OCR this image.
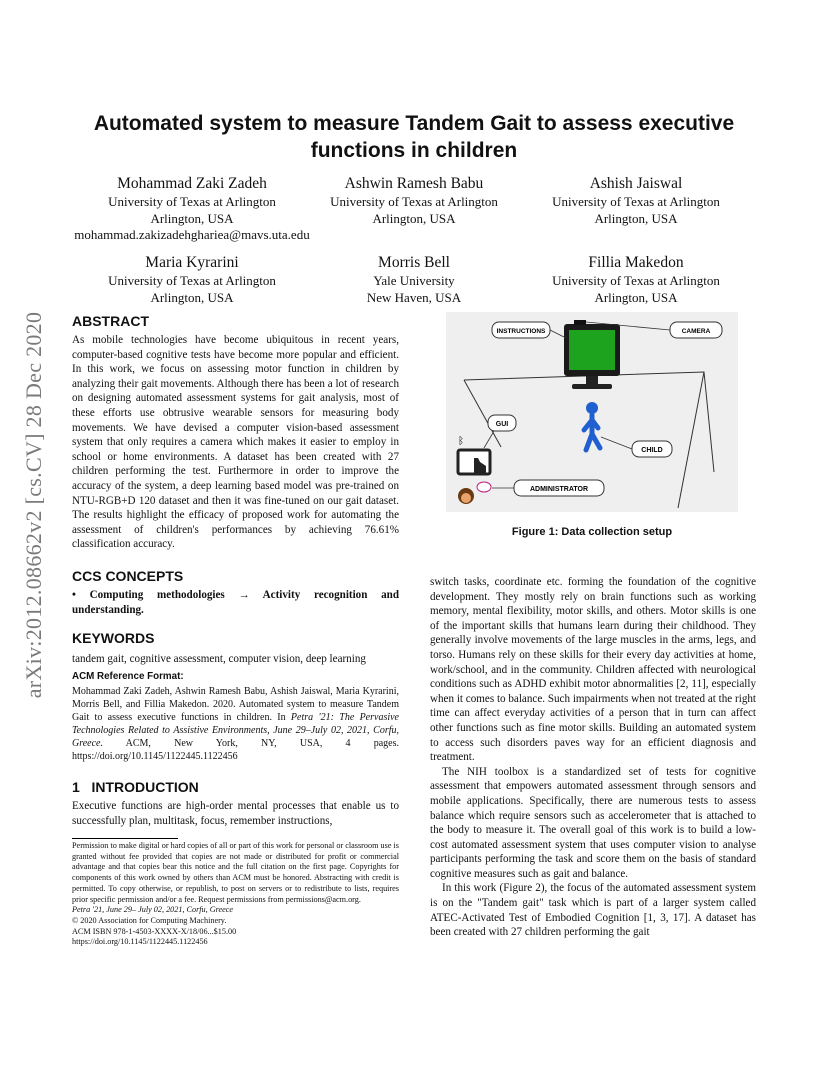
arXiv:2012.08662v2 [cs.CV] 28 Dec 2020
Automated system to measure Tandem Gait to assess executive functions in children
Mohammad Zaki Zadeh
University of Texas at Arlington
Arlington, USA
mohammad.zakizadehghariea@mavs.uta.edu
Ashwin Ramesh Babu
University of Texas at Arlington
Arlington, USA
Ashish Jaiswal
University of Texas at Arlington
Arlington, USA
Maria Kyrarini
University of Texas at Arlington
Arlington, USA
Morris Bell
Yale University
New Haven, USA
Fillia Makedon
University of Texas at Arlington
Arlington, USA
ABSTRACT
As mobile technologies have become ubiquitous in recent years, computer-based cognitive tests have become more popular and efficient. In this work, we focus on assessing motor function in children by analyzing their gait movements. Although there has been a lot of research on designing automated assessment systems for gait analysis, most of these efforts use obtrusive wearable sensors for measuring body movements. We have devised a computer vision-based assessment system that only requires a camera which makes it easier to employ in school or home environments. A dataset has been created with 27 children performing the test. Furthermore in order to improve the accuracy of the system, a deep learning based model was pre-trained on NTU-RGB+D 120 dataset and then it was fine-tuned on our gait dataset. The results highlight the efficacy of proposed work for automating the assessment of children's performances by achieving 76.61% classification accuracy.
CCS CONCEPTS
• Computing methodologies → Activity recognition and understanding.
KEYWORDS
tandem gait, cognitive assessment, computer vision, deep learning
ACM Reference Format:
Mohammad Zaki Zadeh, Ashwin Ramesh Babu, Ashish Jaiswal, Maria Kyrarini, Morris Bell, and Fillia Makedon. 2020. Automated system to measure Tandem Gait to assess executive functions in children. In Petra '21: The Pervasive Technologies Related to Assistive Environments, June 29–July 02, 2021, Corfu, Greece. ACM, New York, NY, USA, 4 pages. https://doi.org/10.1145/1122445.1122456
1 INTRODUCTION
Executive functions are high-order mental processes that enable us to successfully plan, multitask, focus, remember instructions,
Permission to make digital or hard copies of all or part of this work for personal or classroom use is granted without fee provided that copies are not made or distributed for profit or commercial advantage and that copies bear this notice and the full citation on the first page. Copyrights for components of this work owned by others than ACM must be honored. Abstracting with credit is permitted. To copy otherwise, or republish, to post on servers or to redistribute to lists, requires prior specific permission and/or a fee. Request permissions from permissions@acm.org.
Petra '21, June 29– July 02, 2021, Corfu, Greece
© 2020 Association for Computing Machinery.
ACM ISBN 978-1-4503-XXXX-X/18/06...$15.00
https://doi.org/10.1145/1122445.1122456
INSTRUCTIONS	CAMERA
CHILD
GUI
ᛒ
ADMINISTRATOR
Figure 1: Data collection setup
switch tasks, coordinate etc. forming the foundation of the cognitive development. They mostly rely on brain functions such as working memory, mental flexibility, motor skills, and others. Motor skills is one of the important skills that humans learn during their childhood. They generally involve movements of the large muscles in the arms, legs, and torso. Humans rely on these skills for their every day activities at home, work/school, and in the community. Children affected with neurological conditions such as ADHD exhibit motor abnormalities [2, 11], especially when it comes to balance. Such impairments when not treated at the right time can affect everyday activities of a person that in turn can affect other functions such as fine motor skills. Building an automated system to access such disorders paves way for an efficient diagnosis and treatment.
The NIH toolbox is a standardized set of tests for cognitive assessment that empowers automated assessment through sensors and mobile applications. Specifically, there are numerous tests to assess balance which require sensors such as accelerometer that is attached to the body to measure it. The overall goal of this work is to build a low-cost automated assessment system that uses computer vision to analyse participants performing the task and score them on the basis of standard cognitive measures such as gait and balance.
In this work (Figure 2), the focus of the automated assessment system is on the "Tandem gait" task which is part of a larger system called ATEC-Activated Test of Embodied Cognition [1, 3, 17]. A dataset has been created with 27 children performing the gait
